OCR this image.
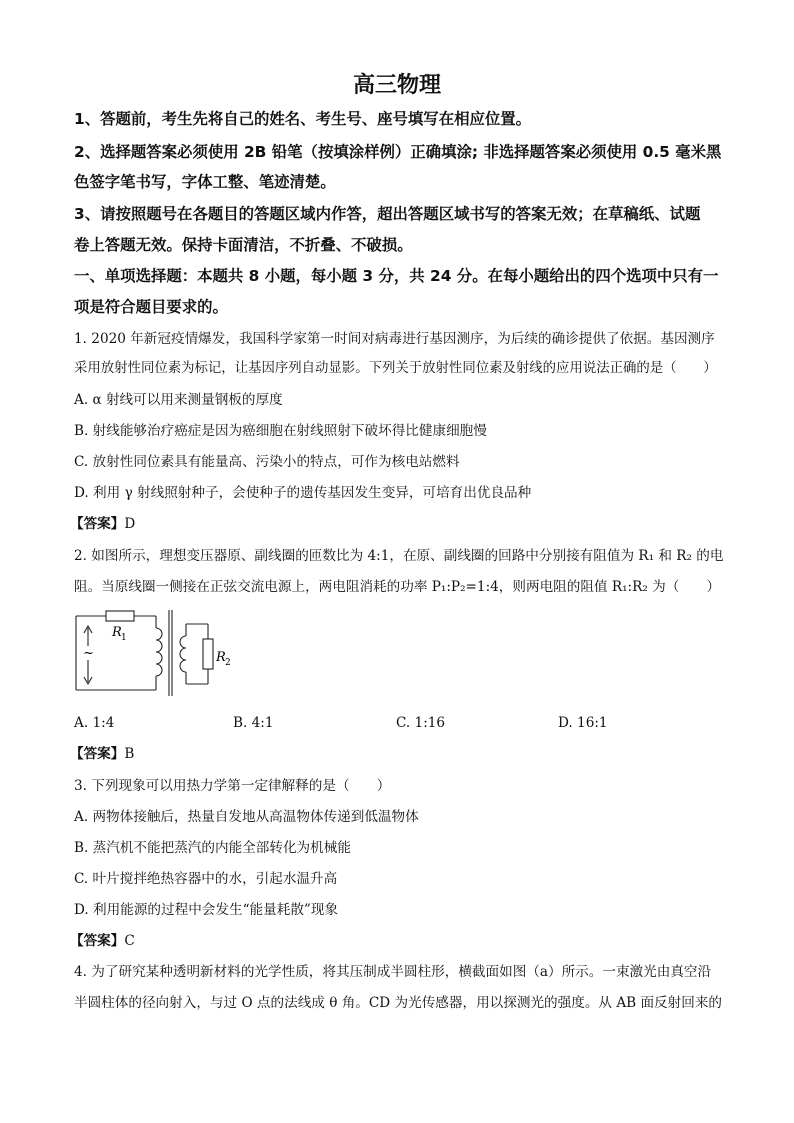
高三物理
1、答题前，考生先将自己的姓名、考生号、座号填写在相应位置。
2、选择题答案必须使用 2B 铅笔（按填涂样例）正确填涂; 非选择题答案必须使用 0.5 毫米黑
色签字笔书写，字体工整、笔迹清楚。
3、请按照题号在各题目的答题区域内作答，超出答题区域书写的答案无效；在草稿纸、试题
卷上答题无效。保持卡面清洁，不折叠、不破损。
一、单项选择题：本题共 8 小题，每小题 3 分，共 24 分。在每小题给出的四个选项中只有一
项是符合题目要求的。
1. 2020 年新冠疫情爆发，我国科学家第一时间对病毒进行基因测序，为后续的确诊提供了依据。基因测序
采用放射性同位素为标记，让基因序列自动显影。下列关于放射性同位素及射线的应用说法正确的是（　　）
A. α 射线可以用来测量钢板的厚度
B. 射线能够治疗癌症是因为癌细胞在射线照射下破坏得比健康细胞慢
C. 放射性同位素具有能量高、污染小的特点，可作为核电站燃料
D. 利用 γ 射线照射种子，会使种子的遗传基因发生变异，可培育出优良品种
【答案】D
2. 如图所示，理想变压器原、副线圈的匝数比为 4:1，在原、副线圈的回路中分别接有阻值为 R₁ 和 R₂ 的电
阻。当原线圈一侧接在正弦交流电源上，两电阻消耗的功率 P₁:P₂=1:4，则两电阻的阻值 R₁:R₂ 为（　　）
~
R 1
R 2
A. 1:4	B. 4:1	C. 1:16	D. 16:1
【答案】B
3. 下列现象可以用热力学第一定律解释的是（　　）
A. 两物体接触后，热量自发地从高温物体传递到低温物体
B. 蒸汽机不能把蒸汽的内能全部转化为机械能
C. 叶片搅拌绝热容器中的水，引起水温升高
D. 利用能源的过程中会发生“能量耗散”现象
【答案】C
4. 为了研究某种透明新材料的光学性质，将其压制成半圆柱形，横截面如图（a）所示。一束激光由真空沿
半圆柱体的径向射入，与过 O 点的法线成 θ 角。CD 为光传感器，用以探测光的强度。从 AB 面反射回来的
